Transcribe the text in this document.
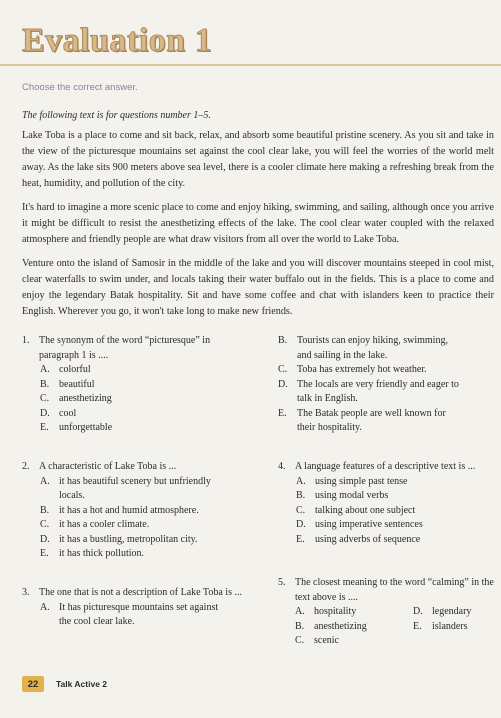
Evaluation 1
Choose the correct answer.
The following text is for questions number 1–5.

Lake Toba is a place to come and sit back, relax, and absorb some beautiful pristine scenery. As you sit and take in the view of the picturesque mountains set against the cool clear lake, you will feel the worries of the world melt away. As the lake sits 900 meters above sea level, there is a cooler climate here making a refreshing break from the heat, humidity, and pollution of the city.

It's hard to imagine a more scenic place to come and enjoy hiking, swimming, and sailing, although once you arrive it might be difficult to resist the anesthetizing effects of the lake. The cool clear water coupled with the relaxed atmosphere and friendly people are what draw visitors from all over the world to Lake Toba.

Venture onto the island of Samosir in the middle of the lake and you will discover mountains steeped in cool mist, clear waterfalls to swim under, and locals taking their water buffalo out in the fields. This is a place to come and enjoy the legendary Batak hospitality. Sit and have some coffee and chat with islanders keen to practice their English. Wherever you go, it won't take long to make new friends.

1. The synonym of the word “picturesque” in paragraph 1 is ....
A. colorful
B. beautiful
C. anesthetizing
D. cool
E.	unforgettable
2. A characteristic of Lake Toba is ...
A. it has beautiful scenery but unfriendly
locals.
B. it has a hot and humid atmosphere.
C. it has a cooler climate.
D. it has a bustling, metropolitan city.
E.	it has thick pollution.
3. The one that is not a description of Lake Toba is ...
A. It has picturesque mountains set against
the cool clear lake.
B. Tourists can enjoy hiking, swimming,
and sailing in the lake.
C. Toba has extremely hot weather.
D. The locals are very friendly and eager to
talk in English.
E.	The Batak people are well known for
their hospitality.
4. A language features of a descriptive text is ...
A. using simple past tense
B. using modal verbs
C. talking about one subject
D. using imperative sentences
E.	using adverbs of sequence
5. The closest meaning to the word “calming” in the text above is ....
A. hospitality	D. legendary
B. anesthetizing	E.	islanders
C. scenic
22	Talk Active 2
